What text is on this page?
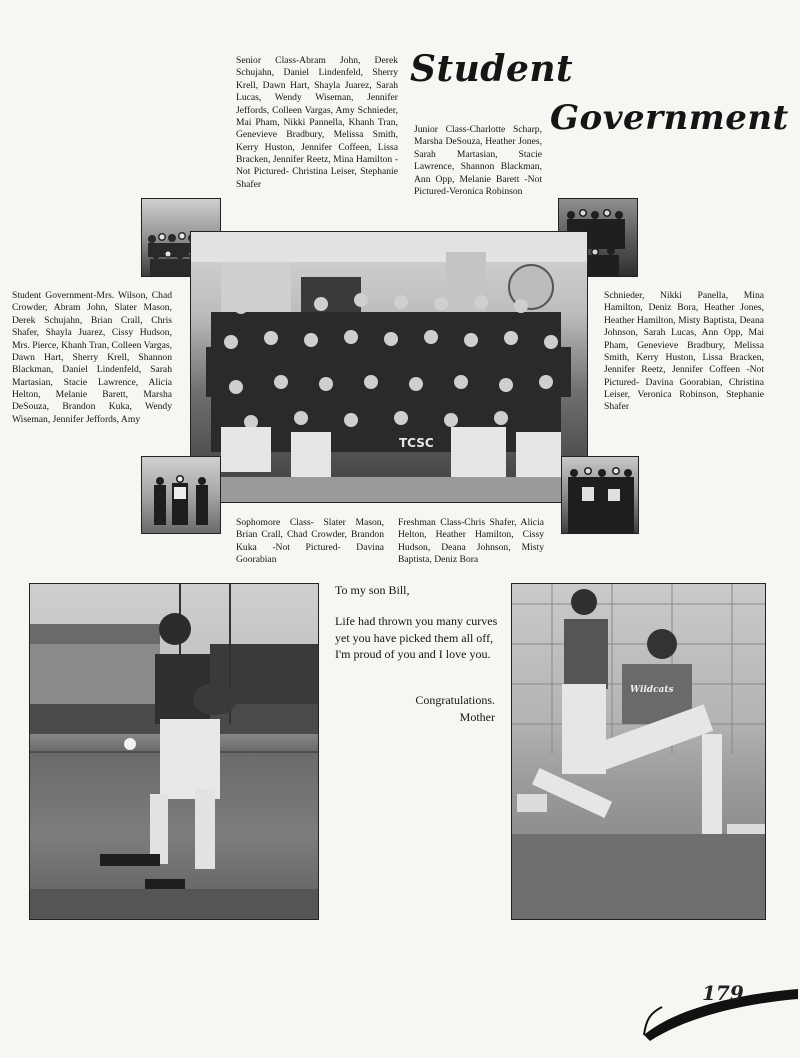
Student
Government
Senior Class-Abram John, Derek Schujahn, Daniel Lindenfeld, Sherry Krell, Dawn Hart, Shayla Juarez, Sarah Lucas, Wendy Wiseman, Jennifer Jeffords, Colleen Vargas, Amy Schnieder, Mai Pham, Nikki Pannella, Khanh Tran, Genevieve Bradbury, Melissa Smith, Kerry Huston, Jennifer Coffeen, Lissa Bracken, Jennifer Reetz, Mina Hamilton -Not Pictured- Christina Leiser, Stephanie Shafer
Junior Class-Charlotte Scharp, Marsha DeSouza, Heather Jones, Sarah Martasian, Stacie Lawrence, Shannon Blackman, Ann Opp, Melanie Barett -Not Pictured-Veronica Robinson
Student Government-Mrs. Wilson, Chad Crowder, Abram John, Slater Mason, Derek Schujahn, Brian Crall, Chris Shafer, Shayla Juarez, Cissy Hudson, Mrs. Pierce, Khanh Tran, Colleen Vargas, Dawn Hart, Sherry Krell, Shannon Blackman, Daniel Lindenfeld, Sarah Martasian, Stacie Lawrence, Alicia Helton, Melanie Barett, Marsha DeSouza, Brandon Kuka, Wendy Wiseman, Jennifer Jeffords, Amy
Schnieder, Nikki Panella, Mina Hamilton, Deniz Bora, Heather Jones, Heather Hamilton, Misty Baptista, Deana Johnson, Sarah Lucas, Ann Opp, Mai Pham, Genevieve Bradbury, Melissa Smith, Kerry Huston, Lissa Bracken, Jennifer Reetz, Jennifer Coffeen -Not Pictured- Davina Goorabian, Christina Leiser, Veronica Robinson, Stephanie Shafer
Sophomore Class- Slater Mason, Brian Crall, Chad Crowder, Brandon Kuka -Not Pictured- Davina Goorabian
Freshman Class-Chris Shafer, Alicia Helton, Heather Hamilton, Cissy Hudson, Deana Johnson, Misty Baptista, Deniz Bora
TCSC
To my son Bill,
Life had thrown you many curves yet you have picked them all off, I'm proud of you and I love you.
Congratulations.
Mother
Wildcats
179
